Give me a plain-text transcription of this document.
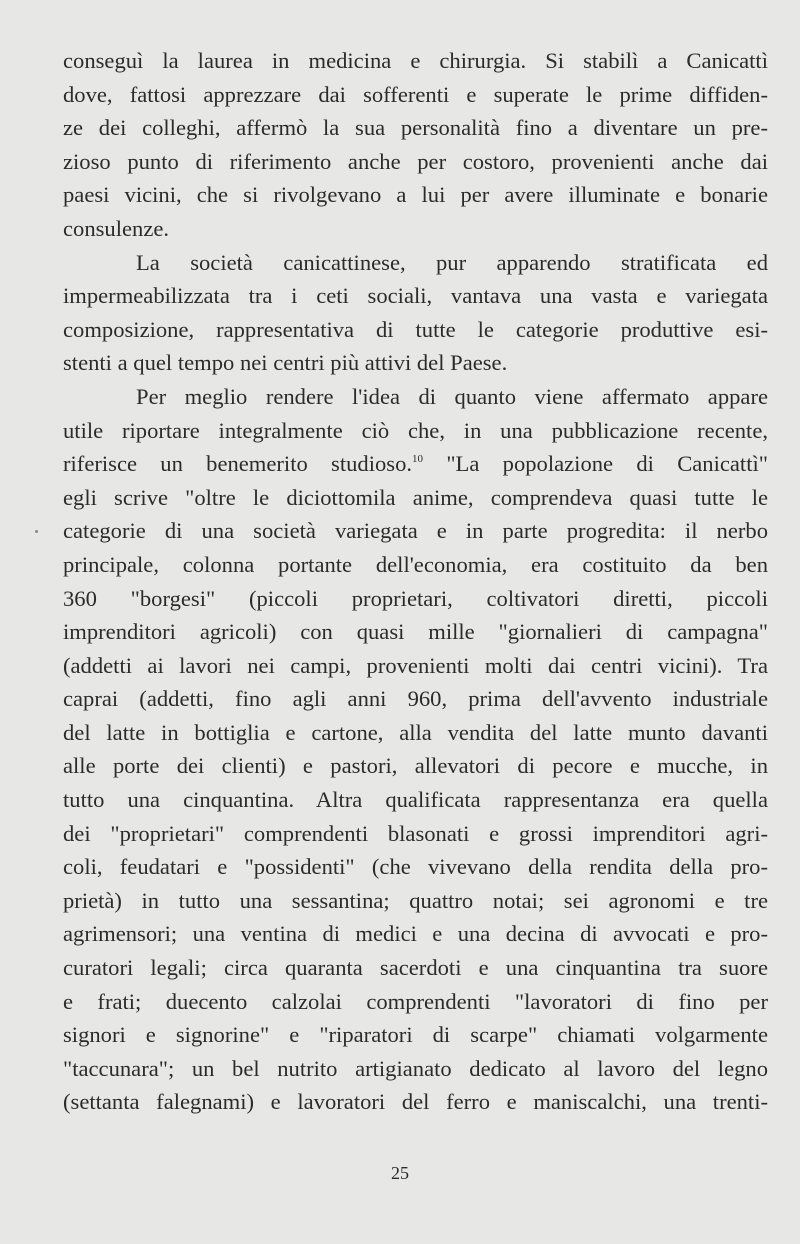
conseguì la laurea in medicina e chirurgia. Si stabilì a Canicattì
dove, fattosi apprezzare dai sofferenti e superate le prime diffiden-
ze dei colleghi, affermò la sua personalità fino a diventare un pre-
zioso punto di riferimento anche per costoro, provenienti anche dai
paesi vicini, che si rivolgevano a lui per avere illuminate e bonarie
consulenze.
La società canicattinese, pur apparendo stratificata ed
impermeabilizzata tra i ceti sociali, vantava una vasta e variegata
composizione, rappresentativa di tutte le categorie produttive esi-
stenti a quel tempo nei centri più attivi del Paese.
Per meglio rendere l'idea di quanto viene affermato appare
utile riportare integralmente ciò che, in una pubblicazione recente,
riferisce un benemerito studioso.$^{10}$ "La popolazione di Canicattì"
egli scrive "oltre le diciottomila anime, comprendeva quasi tutte le
categorie di una società variegata e in parte progredita: il nerbo
principale, colonna portante dell'economia, era costituito da ben
360 "borgesi" (piccoli proprietari, coltivatori diretti, piccoli
imprenditori agricoli) con quasi mille "giornalieri di campagna"
(addetti ai lavori nei campi, provenienti molti dai centri vicini). Tra
caprai (addetti, fino agli anni 960, prima dell'avvento industriale
del latte in bottiglia e cartone, alla vendita del latte munto davanti
alle porte dei clienti) e pastori, allevatori di pecore e mucche, in
tutto una cinquantina. Altra qualificata rappresentanza era quella
dei "proprietari" comprendenti blasonati e grossi imprenditori agri-
coli, feudatari e "possidenti" (che vivevano della rendita della pro-
prietà) in tutto una sessantina; quattro notai; sei agronomi e tre
agrimensori; una ventina di medici e una decina di avvocati e pro-
curatori legali; circa quaranta sacerdoti e una cinquantina tra suore
e frati; duecento calzolai comprendenti "lavoratori di fino per
signori e signorine" e "riparatori di scarpe" chiamati volgarmente
"taccunara"; un bel nutrito artigianato dedicato al lavoro del legno
(settanta falegnami) e lavoratori del ferro e maniscalchi, una trenti-
25
